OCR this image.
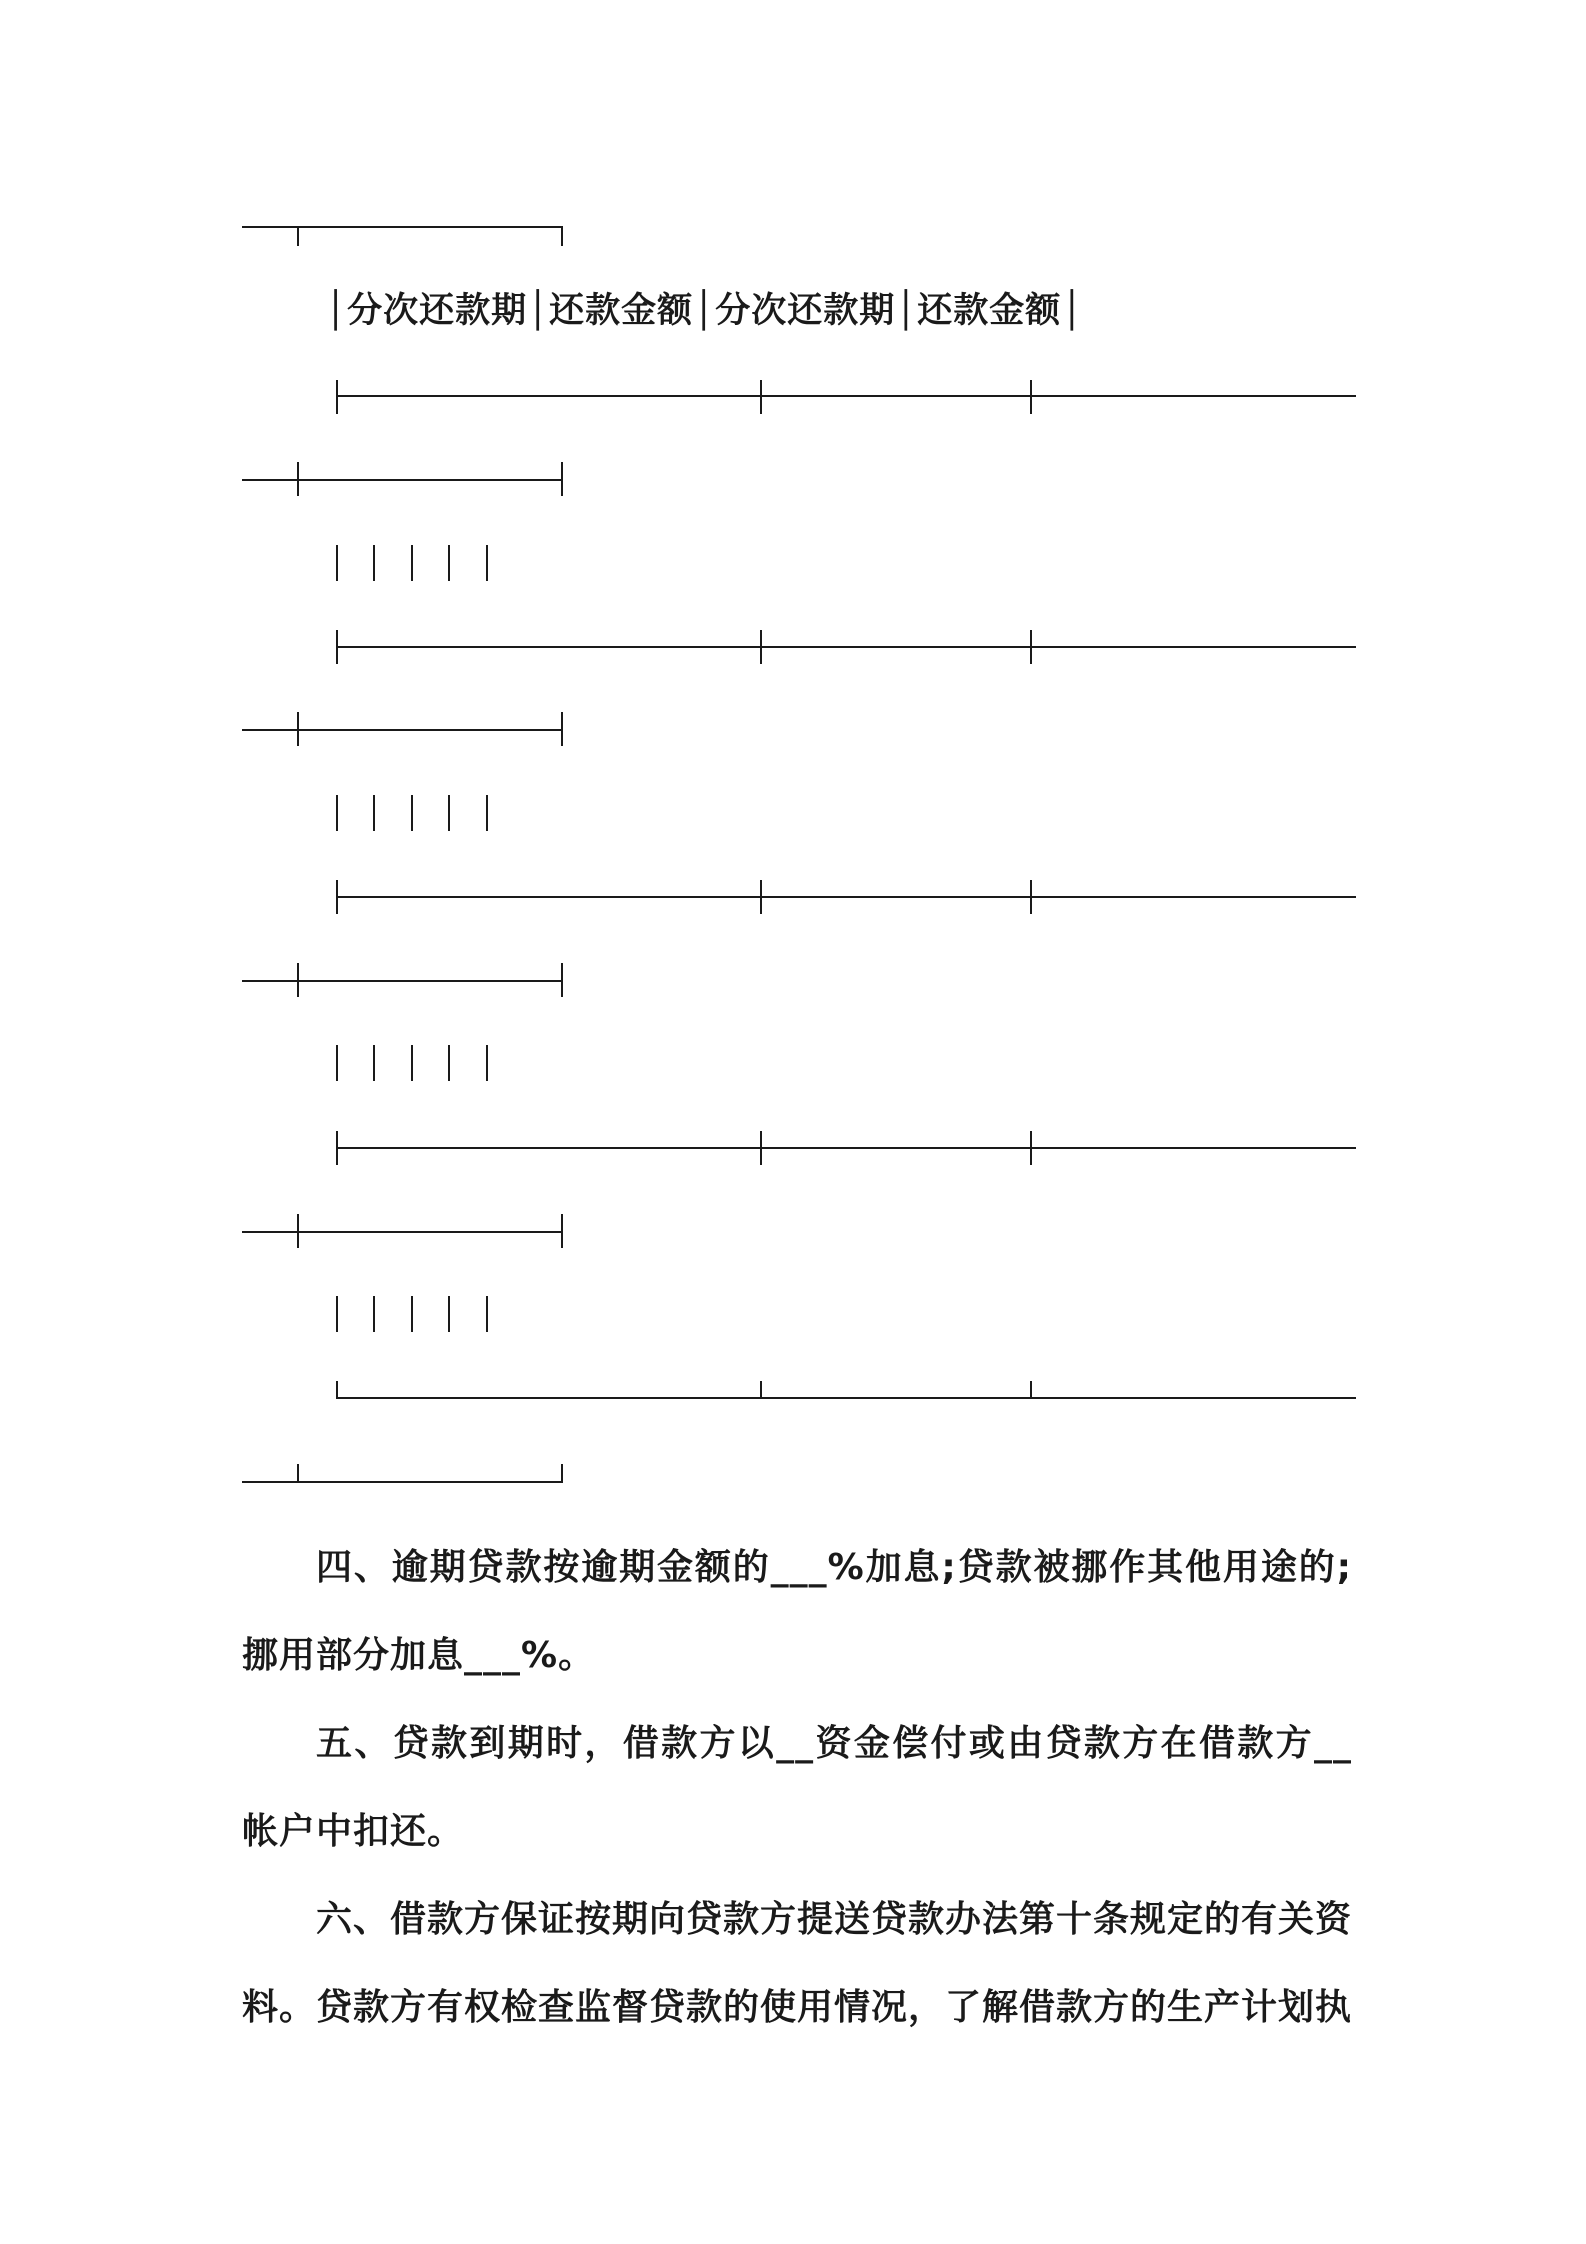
│分次还款期│还款金额│分次还款期│还款金额│
四、逾期贷款按逾期金额的___%加息;贷款被挪作其他用途的;挪用部分加息___%。
五、贷款到期时，借款方以__资金偿付或由贷款方在借款方__帐户中扣还。
六、借款方保证按期向贷款方提送贷款办法第十条规定的有关资料。贷款方有权检查监督贷款的使用情况，了解借款方的生产计划执
